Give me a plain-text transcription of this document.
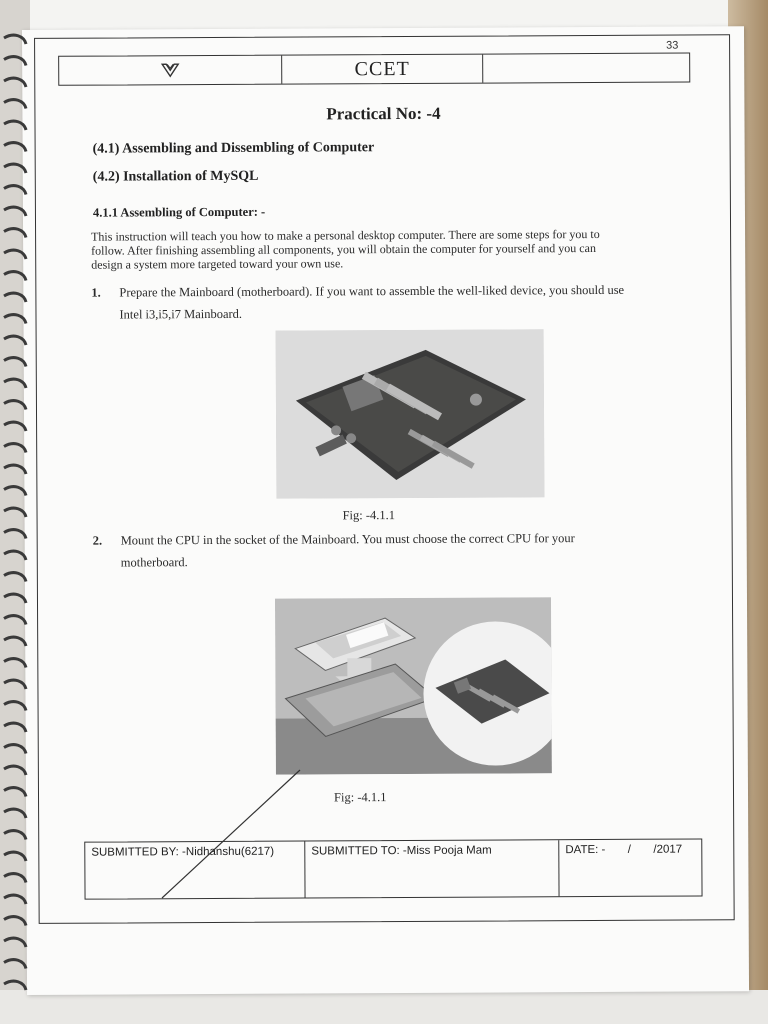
33
CCET
Practical No: -4
(4.1) Assembling and Dissembling of Computer
(4.2) Installation of MySQL
4.1.1 Assembling of Computer: -
This instruction will teach you how to make a personal desktop computer. There are some steps for you to
follow. After finishing assembling all components, you will obtain the computer for yourself and you can
design a system more targeted toward your own use.
1.	Prepare the Mainboard (motherboard). If you want to assemble the well-liked device, you should use
Intel i3,i5,i7 Mainboard.
Fig: -4.1.1
2.	Mount the CPU in the socket of the Mainboard. You must choose the correct CPU for your
motherboard.
Fig: -4.1.1
SUBMITTED BY: -Nidhanshu(6217)	SUBMITTED TO: -Miss Pooja Mam	DATE: - / /2017
